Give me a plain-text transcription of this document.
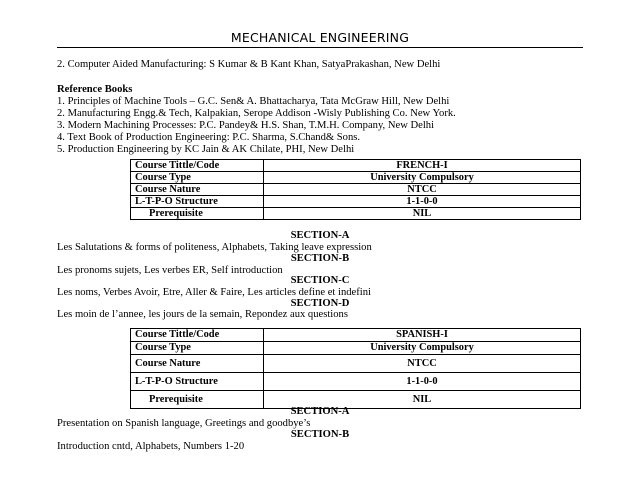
MECHANICAL ENGINEERING
2. Computer Aided Manufacturing: S Kumar & B Kant Khan, SatyaPrakashan, New Delhi
Reference Books
1. Principles of Machine Tools – G.C. Sen& A. Bhattacharya, Tata McGraw Hill, New Delhi
2. Manufacturing Engg.& Tech, Kalpakian, Serope Addison -Wisly Publishing Co. New York.
3. Modern Machining Processes: P.C. Pandey& H.S. Shan, T.M.H. Company, New Delhi
4. Text Book of Production Engineering: P.C. Sharma, S.Chand& Sons.
5. Production Engineering by KC Jain & AK Chilate, PHI, New Delhi
Course Tittle/Code	FRENCH-I
Course Type	University Compulsory
Course Nature	NTCC
L-T-P-O Structure	1-1-0-0
Prerequisite	NIL
SECTION-A
Les Salutations & forms of politeness, Alphabets, Taking leave expression
SECTION-B
Les pronoms sujets, Les verbes ER, Self introduction
SECTION-C
Les noms, Verbes Avoir, Etre, Aller & Faire, Les articles define et indefini
SECTION-D
Les moin de l’annee, les jours de la semain, Repondez aux questions
Course Tittle/Code	SPANISH-I
Course Type	University Compulsory
Course Nature	NTCC
L-T-P-O Structure	1-1-0-0
Prerequisite	NIL
SECTION-A
Presentation on Spanish language, Greetings and goodbye’s
SECTION-B
Introduction cntd, Alphabets, Numbers 1-20
